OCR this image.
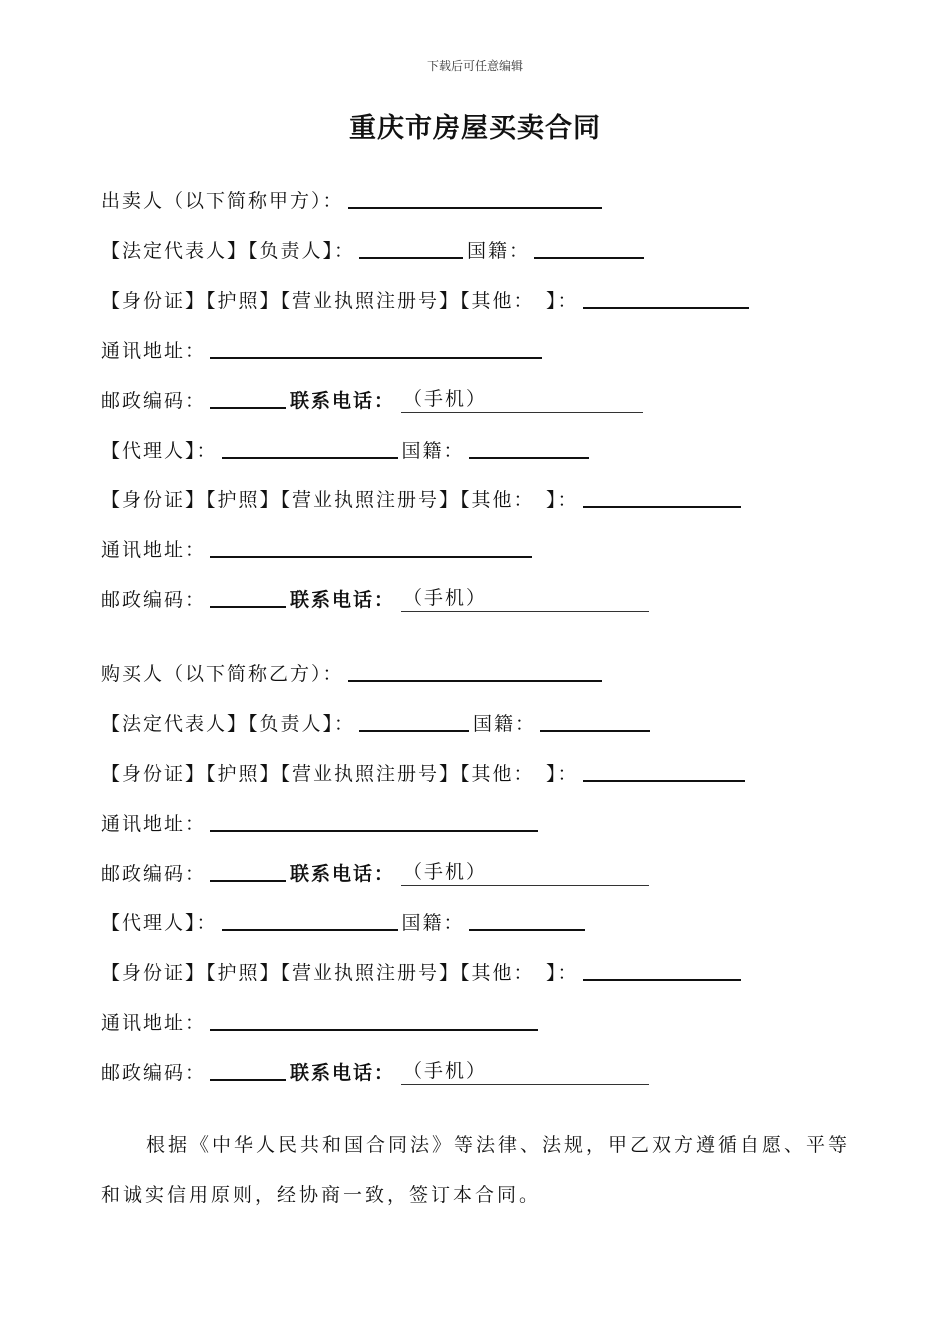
下载后可任意编辑
重庆市房屋买卖合同
出卖人（以下简称甲方）：
【法定代表人】【负责人】：	国籍：
【身份证】【护照】【营业执照注册号】【其他：　】：
通讯地址：
邮政编码：	联系电话： （手机）
【代理人】：	国籍：
【身份证】【护照】【营业执照注册号】【其他：　】：
通讯地址：
邮政编码：	联系电话： （手机）
购买人（以下简称乙方）：
【法定代表人】【负责人】：	国籍：
【身份证】【护照】【营业执照注册号】【其他：　】：
通讯地址：
邮政编码：	联系电话： （手机）
【代理人】：	国籍：
【身份证】【护照】【营业执照注册号】【其他：　】：
通讯地址：
邮政编码：	联系电话： （手机）
根据《中华人民共和国合同法》等法律、法规，甲乙双方遵循自愿、平等和诚实信用原则，经协商一致，签订本合同。
